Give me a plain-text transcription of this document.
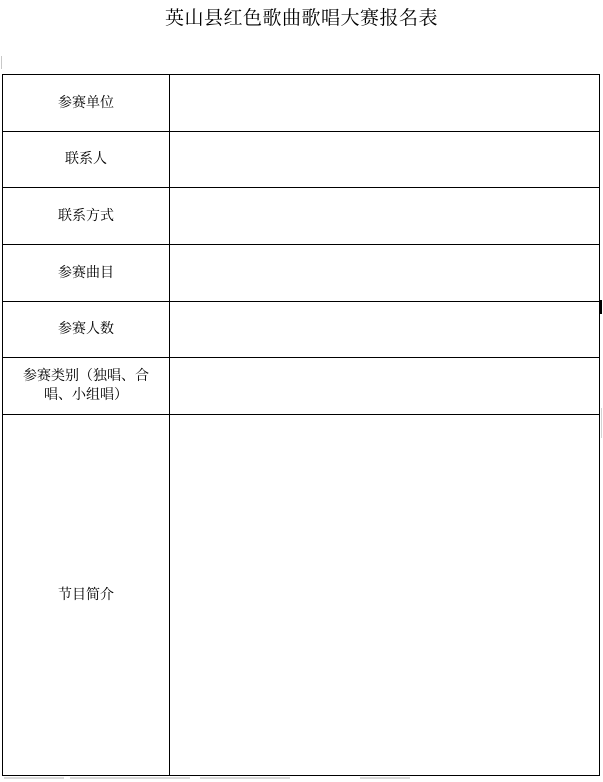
英山县红色歌曲歌唱大赛报名表
参赛单位	
联系人	
联系方式	
参赛曲目	
参赛人数	
参赛类别（独唱、合唱、小组唱）	
节目简介	
